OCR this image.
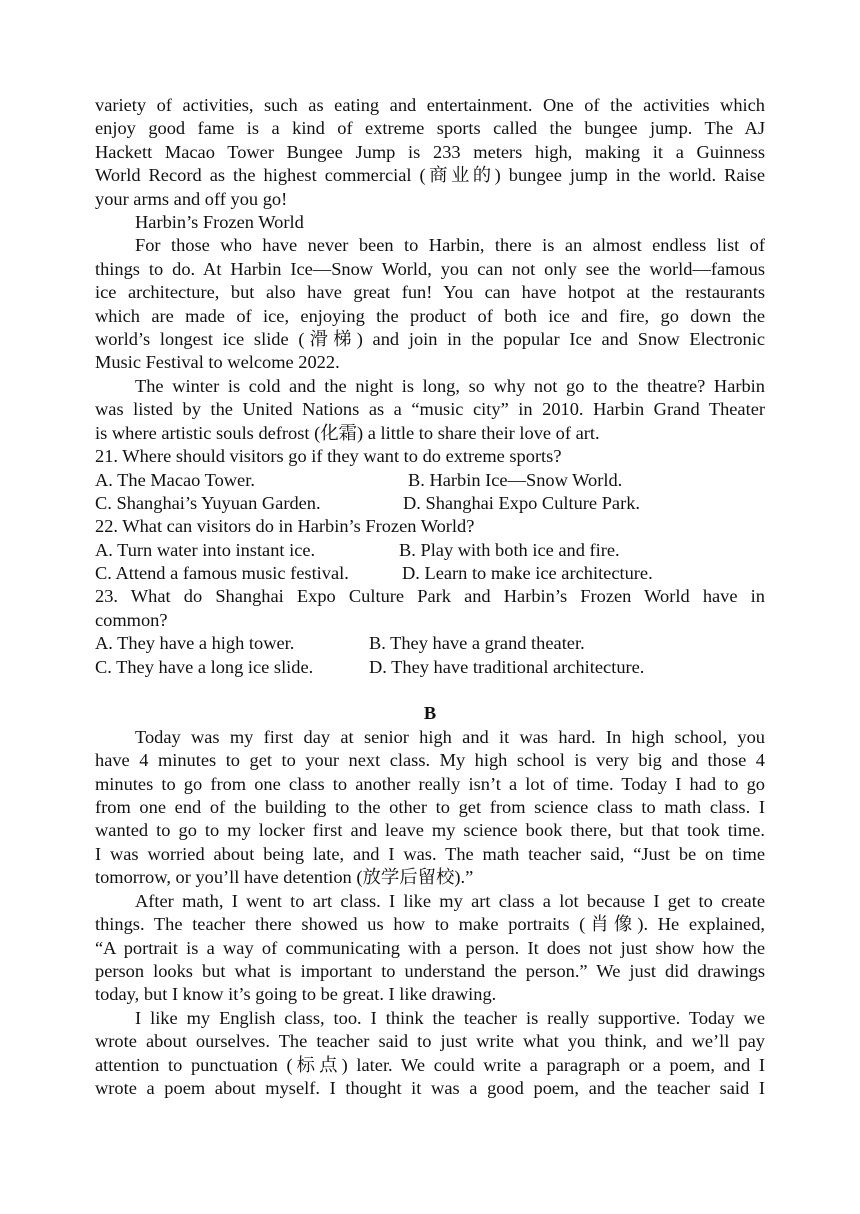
variety of activities, such as eating and entertainment. One of the activities which
enjoy good fame is a kind of extreme sports called the bungee jump. The AJ
Hackett Macao Tower Bungee Jump is 233 meters high, making it a Guinness
World Record as the highest commercial (商业的) bungee jump in the world. Raise
your arms and off you go!
Harbin’s Frozen World
For those who have never been to Harbin, there is an almost endless list of
things to do. At Harbin Ice—Snow World, you can not only see the world—famous
ice architecture, but also have great fun! You can have hotpot at the restaurants
which are made of ice, enjoying the product of both ice and fire, go down the
world’s longest ice slide (滑梯) and join in the popular Ice and Snow Electronic
Music Festival to welcome 2022.
The winter is cold and the night is long, so why not go to the theatre? Harbin
was listed by the United Nations as a “music city” in 2010. Harbin Grand Theater
is where artistic souls defrost (化霜) a little to share their love of art.
21. Where should visitors go if they want to do extreme sports?
A. The Macao Tower.	B. Harbin Ice—Snow World.
C. Shanghai’s Yuyuan Garden.	D. Shanghai Expo Culture Park.
22. What can visitors do in Harbin’s Frozen World?
A. Turn water into instant ice.	B. Play with both ice and fire.
C. Attend a famous music festival.	D. Learn to make ice architecture.
23. What do Shanghai Expo Culture Park and Harbin’s Frozen World have in
common?
A. They have a high tower.	B. They have a grand theater.
C. They have a long ice slide.	D. They have traditional architecture.
B
Today was my first day at senior high and it was hard. In high school, you
have 4 minutes to get to your next class. My high school is very big and those 4
minutes to go from one class to another really isn’t a lot of time. Today I had to go
from one end of the building to the other to get from science class to math class. I
wanted to go to my locker first and leave my science book there, but that took time.
I was worried about being late, and I was. The math teacher said, “Just be on time
tomorrow, or you’ll have detention (放学后留校).”
After math, I went to art class. I like my art class a lot because I get to create
things. The teacher there showed us how to make portraits (肖像). He explained,
“A portrait is a way of communicating with a person. It does not just show how the
person looks but what is important to understand the person.” We just did drawings
today, but I know it’s going to be great. I like drawing.
I like my English class, too. I think the teacher is really supportive. Today we
wrote about ourselves. The teacher said to just write what you think, and we’ll pay
attention to punctuation (标点) later. We could write a paragraph or a poem, and I
wrote a poem about myself. I thought it was a good poem, and the teacher said I
